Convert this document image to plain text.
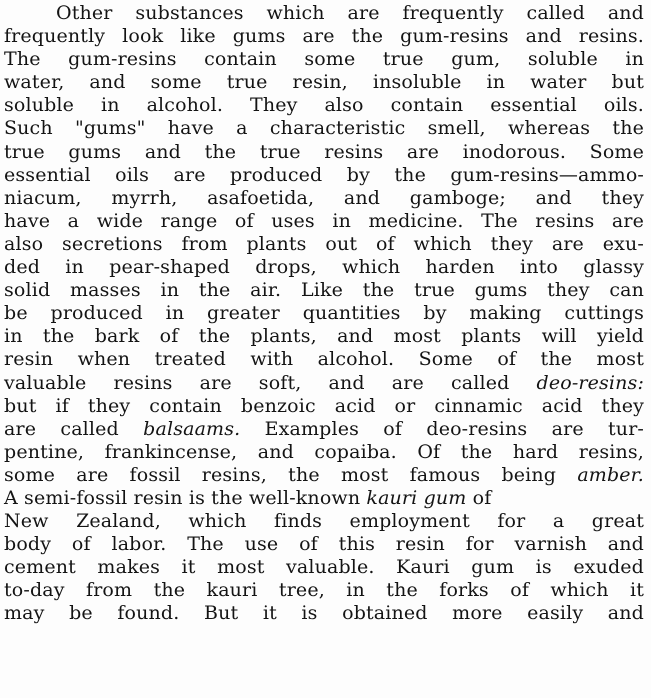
Other substances which are frequently called and
frequently look like gums are the gum-resins and resins.
The gum-resins contain some true gum, soluble in
water, and some true resin, insoluble in water but
soluble in alcohol. They also contain essential oils.
Such "gums" have a characteristic smell, whereas the
true gums and the true resins are inodorous. Some
essential oils are produced by the gum-resins—ammo-
niacum, myrrh, asafoetida, and gamboge; and they
have a wide range of uses in medicine. The resins are
also secretions from plants out of which they are exu-
ded in pear-shaped drops, which harden into glassy
solid masses in the air. Like the true gums they can
be produced in greater quantities by making cuttings
in the bark of the plants, and most plants will yield
resin when treated with alcohol. Some of the most
valuable resins are soft, and are called deo-resins:
but if they contain benzoic acid or cinnamic acid they
are called balsaams. Examples of deo-resins are tur-
pentine, frankincense, and copaiba. Of the hard resins,
some are fossil resins, the most famous being amber.
A semi-fossil resin is the well-known kauri gum of
New Zealand, which finds employment for a great
body of labor. The use of this resin for varnish and
cement makes it most valuable. Kauri gum is exuded
to-day from the kauri tree, in the forks of which it
may be found. But it is obtained more easily and
